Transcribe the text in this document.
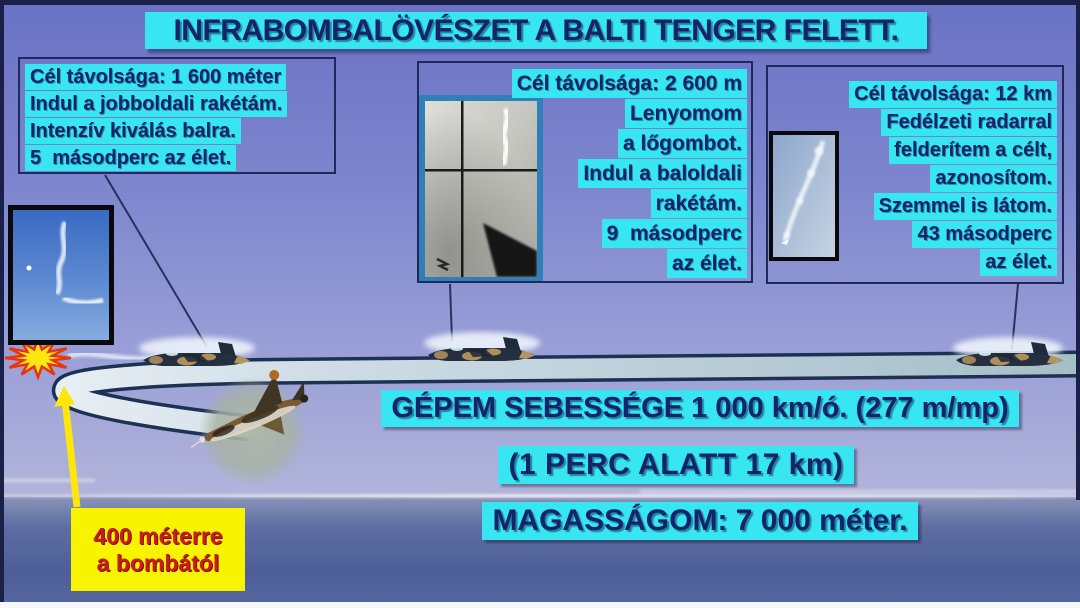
INFRABOMBALÖVÉSZET A BALTI TENGER FELETT.
Cél távolsága: 1 600 méter
Indul a jobboldali rakétám.
Intenzív kiválás balra.
5  másodperc az élet.
Cél távolsága: 2 600 m
Lenyomom
a lőgombot.
Indul a baloldali
rakétám.
9  másodperc
az élet.
Cél távolsága: 12 km
Fedélzeti radarral
felderítem a célt,
azonosítom.
Szemmel is látom.
43 másodperc
az élet.
GÉPEM SEBESSÉGE 1 000 km/ó. (277 m/mp)
(1 PERC ALATT 17 km)
MAGASSÁGOM: 7 000 méter.
400 méterre
a bombától
